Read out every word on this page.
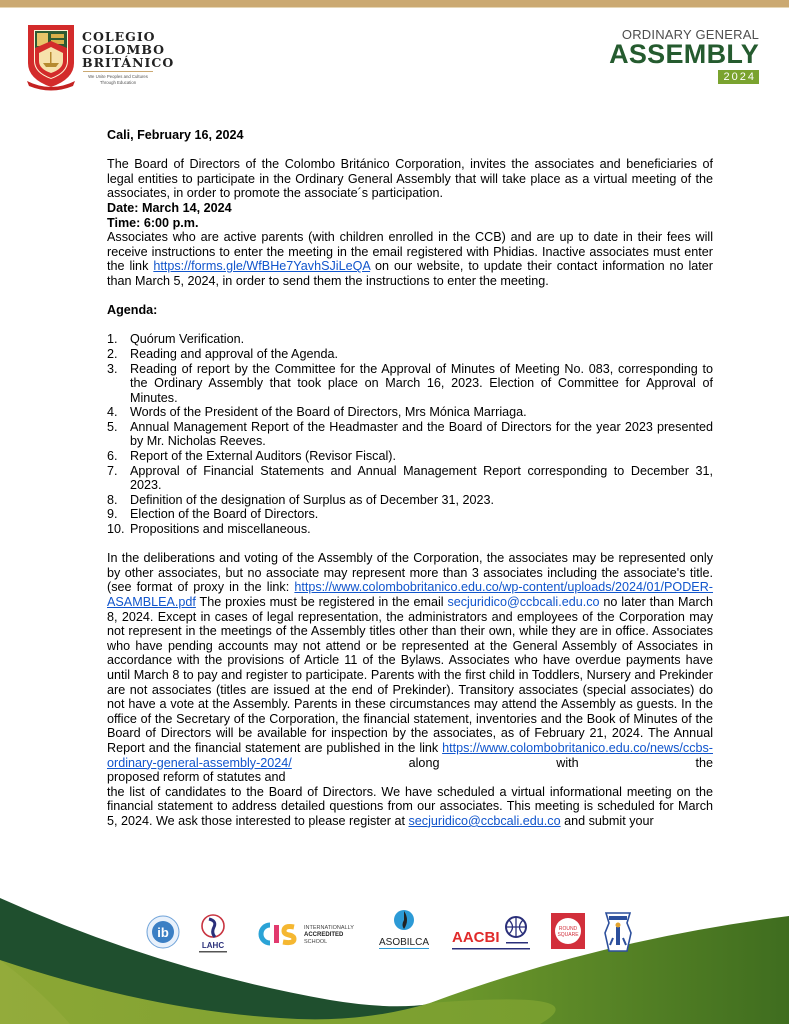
COLEGIO
COLOMBO
BRITÁNICO
We Unite Peoples and Cultures Through Education
ORDINARY GENERAL
ASSEMBLY
2024

Cali, February 16, 2024

The Board of Directors of the Colombo Británico Corporation, invites the associates and beneficiaries of legal entities to participate in the Ordinary General Assembly that will take place as a virtual meeting of the associates, in order to promote the associate´s participation.

Date: March 14, 2024

Time: 6:00 p.m.

Associates who are active parents (with children enrolled in the CCB) and are up to date in their fees will receive instructions to enter the meeting in the email registered with Phidias. Inactive associates must enter the link https://forms.gle/WfBHe7YavhSJiLeQA on our website, to update their contact information no later than March 5, 2024, in order to send them the instructions to enter the meeting.

Agenda:

1. Quórum Verification.
2. Reading and approval of the Agenda.
3. Reading of report by the Committee for the Approval of Minutes of Meeting No. 083, corresponding to the Ordinary Assembly that took place on March 16, 2023. Election of Committee for Approval of Minutes.
4. Words of the President of the Board of Directors, Mrs Mónica Marriaga.
5. Annual Management Report of the Headmaster and the Board of Directors for the year 2023 presented by Mr. Nicholas Reeves.
6. Report of the External Auditors (Revisor Fiscal).
7. Approval of Financial Statements and Annual Management Report corresponding to December 31, 2023.
8. Definition of the designation of Surplus as of December 31, 2023.
9. Election of the Board of Directors.
10. Propositions and miscellaneous.

In the deliberations and voting of the Assembly of the Corporation, the associates may be represented only by other associates, but no associate may represent more than 3 associates including the associate's title. (see format of proxy in the link: https://www.colombobritanico.edu.co/wp-content/uploads/2024/01/PODER-ASAMBLEA.pdf The proxies must be registered in the email secjuridico@ccbcali.edu.co no later than March 8, 2024. Except in cases of legal representation, the administrators and employees of the Corporation may not represent in the meetings of the Assembly titles other than their own, while they are in office. Associates who have pending accounts may not attend or be represented at the General Assembly of Associates in accordance with the provisions of Article 11 of the Bylaws. Associates who have overdue payments have until March 8 to pay and register to participate. Parents with the first child in Toddlers, Nursery and Prekinder are not associates (titles are issued at the end of Prekinder). Transitory associates (special associates) do not have a vote at the Assembly. Parents in these circumstances may attend the Assembly as guests. In the office of the Secretary of the Corporation, the financial statement, inventories and the Book of Minutes of the Board of Directors will be available for inspection by the associates, as of February 21, 2024. The Annual Report and the financial statement are published in the link https://www.colombobritanico.edu.co/news/ccbs-ordinary-general-assembly-2024/ along with the

proposed reform of statutes and

the list of candidates to the Board of Directors. We have scheduled a virtual informational meeting on the financial statement to address detailed questions from our associates. This meeting is scheduled for March 5, 2024. We ask those interested to please register at secjuridico@ccbcali.edu.co and submit your

ib
LAHC
INTERNATIONALLY
ACCREDITED
SCHOOL	ASOBILCA AACBI	ROUND
SQUARE
